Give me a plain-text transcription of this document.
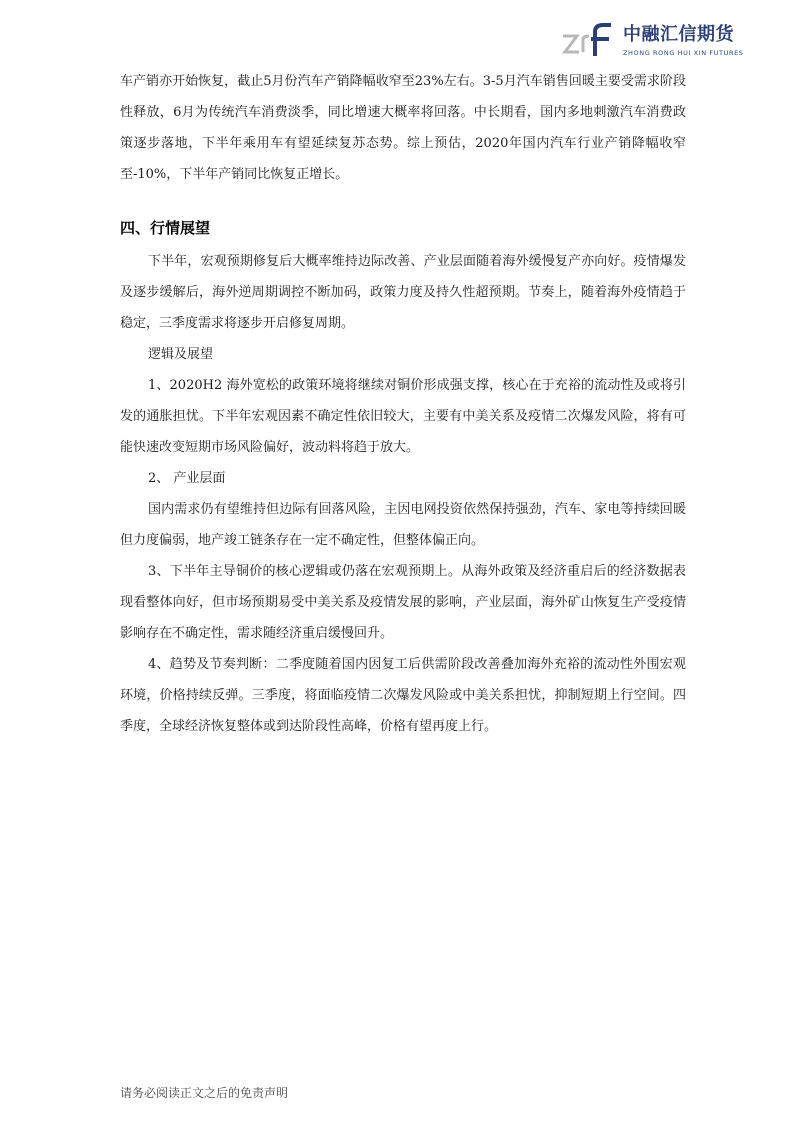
中融汇信期货
ZHONG RONG HUI XIN FUTURES

车产销亦开始恢复，截止5月份汽车产销降幅收窄至23%左右。3-5月汽车销售回暖主要受需求阶段性释放，6月为传统汽车消费淡季，同比增速大概率将回落。中长期看，国内多地刺激汽车消费政策逐步落地，下半年乘用车有望延续复苏态势。综上预估，2020年国内汽车行业产销降幅收窄至-10%，下半年产销同比恢复正增长。

四、行情展望

下半年，宏观预期修复后大概率维持边际改善、产业层面随着海外缓慢复产亦向好。疫情爆发及逐步缓解后，海外逆周期调控不断加码，政策力度及持久性超预期。节奏上，随着海外疫情趋于稳定，三季度需求将逐步开启修复周期。

逻辑及展望

1、2020H2 海外宽松的政策环境将继续对铜价形成强支撑，核心在于充裕的流动性及或将引发的通胀担忧。下半年宏观因素不确定性依旧较大，主要有中美关系及疫情二次爆发风险，将有可能快速改变短期市场风险偏好，波动料将趋于放大。

2、 产业层面

国内需求仍有望维持但边际有回落风险，主因电网投资依然保持强劲，汽车、家电等持续回暖但力度偏弱，地产竣工链条存在一定不确定性，但整体偏正向。

3、下半年主导铜价的核心逻辑或仍落在宏观预期上。从海外政策及经济重启后的经济数据表现看整体向好，但市场预期易受中美关系及疫情发展的影响，产业层面，海外矿山恢复生产受疫情影响存在不确定性，需求随经济重启缓慢回升。

4、趋势及节奏判断：二季度随着国内因复工后供需阶段改善叠加海外充裕的流动性外围宏观环境，价格持续反弹。三季度，将面临疫情二次爆发风险或中美关系担忧，抑制短期上行空间。四季度，全球经济恢复整体或到达阶段性高峰，价格有望再度上行。

请务必阅读正文之后的免责声明
